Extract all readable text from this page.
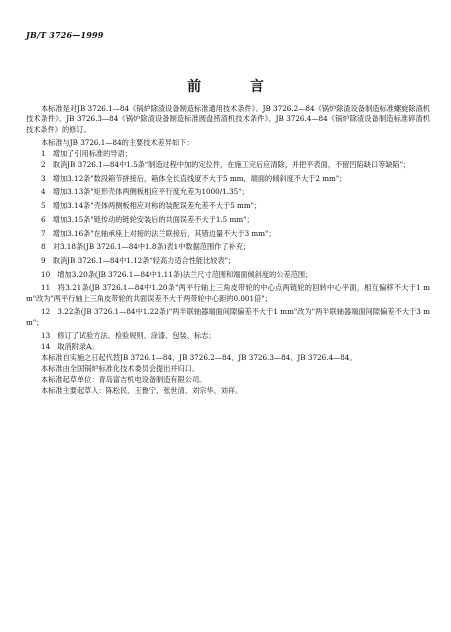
JB/T 3726—1999
前 言

本标准是对JB 3726.1—84《锅炉除渣设备制造标准通用技术条件》、JB 3726.2—84《锅炉除渣设备制造标准螺旋除渣机技术条件》、JB 3726.3—84《锅炉除渣设备制造标准圆盘捞渣机技术条件》、JB 3726.4—84《锅炉除渣设备制造标准碎渣机技术条件》的修订。

本标准与JB 3726.1—84的主要技术差异如下：

1　增加了引用标准的导语；

2　取消JB 3726.1—84中1.5条"制造过程中加的定位件，在施工完后应清除，并把平表面，不留凹陷缺口等缺陷"；

3　增加3.12条"数段箱节拼接后，箱体全长直线度不大于5 mm，端面的倾斜度不大于2 mm"；

4　增加3.13条"矩形壳体两侧板相应平行度允差为1000/1.35"；

5　增加3.14条"壳体两侧板相应对称的装配误差允差不大于5 mm"；

6　增加3.15条"链传动的链轮安装后的共面误差不大于1.5 mm"；

7　增加3.16条"在轴承座上对接的法兰联接后，其错边量不大于3 mm"；

8　对3.18条(JB 3726.1—84中1.8条)表1中数据范围作了补充；

9　取消JB 3726.1—84中1.12条"轻高力适合性能比较表"；

10　增加3.20条(JB 3726.1—84中1.11条)法兰尺寸范围和端面倾斜度的公差范围；

11　将3.21条(JB 3726.1—84中1.20条"两平行轴上三角皮带轮的中心点两链轮的回转中心平面，相互偏移不大于1 mm"改为"两平行轴上三角皮带轮的共面误差不大于两带轮中心距的0.001倍"；

12　3.22条(JB 3726.1—84中1.22条)"两半联轴器端面间隙偏差不大于1 mm"改为"两半联轴器端面间隙偏差不大于3 mm"；

13　修订了试验方法、检验规则、涂漆、包装、标志；

14　取消附录A。

本标准自实施之日起代替JB 3726.1—84、JB 3726.2—84、JB 3726.3—84、JB 3726.4—84。

本标准由全国锅炉标准化技术委员会提出并归口。

本标准起草单位：青岛富吉机电设备制造有限公司。

本标准主要起草人：陈松民、王鲁宁、张世清、刘宗华、刘祥。
